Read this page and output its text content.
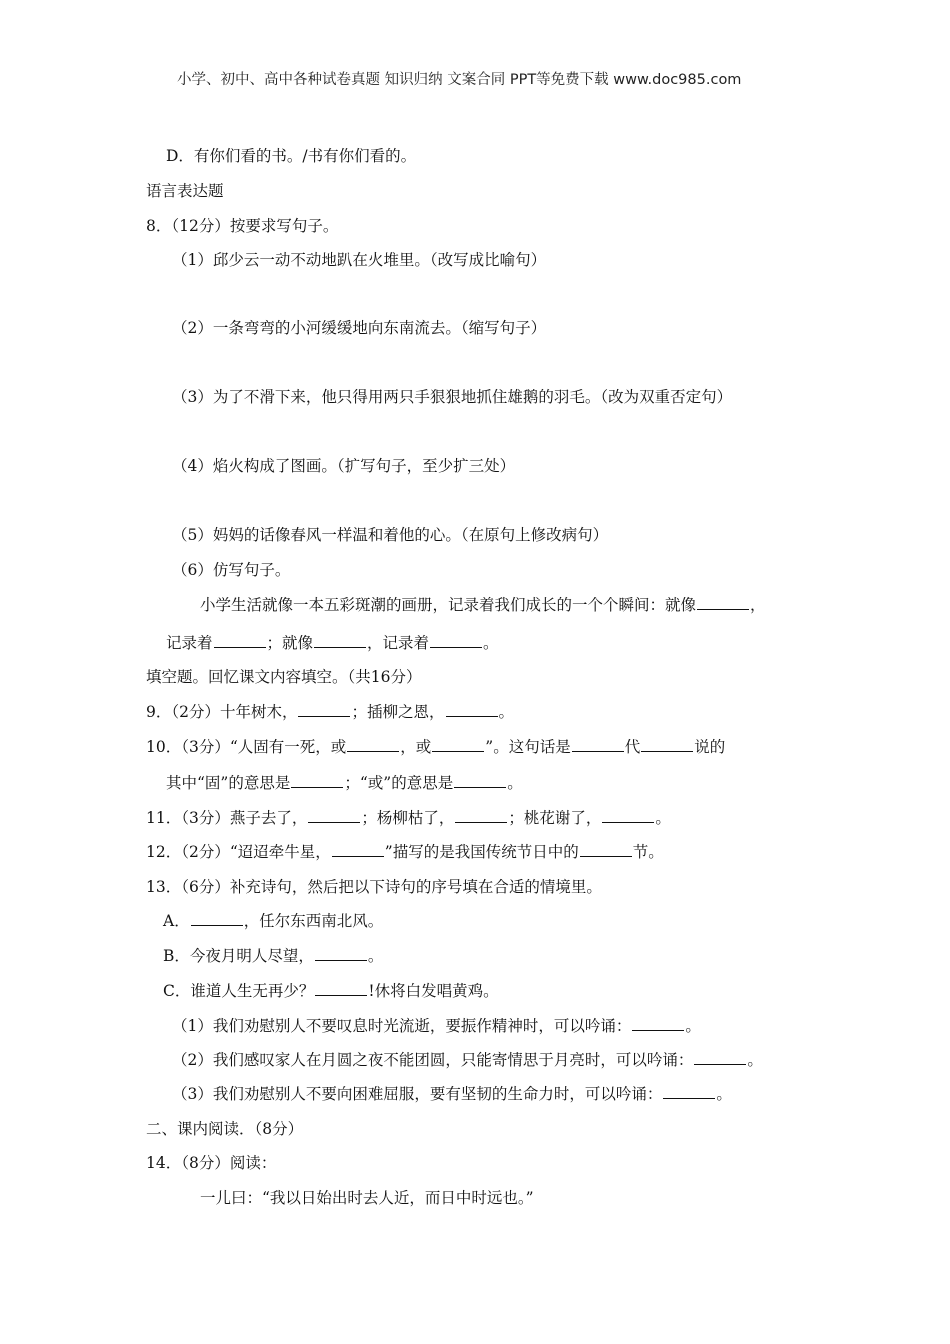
小学、初中、高中各种试卷真题 知识归纳 文案合同 PPT等免费下载 www.doc985.com
D．有你们看的书。/书有你们看的。
语言表达题
8．（12分）按要求写句子。
（1）邱少云一动不动地趴在火堆里。（改写成比喻句）
（2）一条弯弯的小河缓缓地向东南流去。（缩写句子）
（3）为了不滑下来，他只得用两只手狠狠地抓住雄鹅的羽毛。（改为双重否定句）
（4）焰火构成了图画。（扩写句子，至少扩三处）
（5）妈妈的话像春风一样温和着他的心。（在原句上修改病句）
（6）仿写句子。
小学生活就像一本五彩斑潮的画册，记录着我们成长的一个个瞬间：就像	，
记录着	；就像	，记录着	。
填空题。回忆课文内容填空。（共16分）
9．（2分）十年树木，	；插柳之恩，	。
10．（3分）“人固有一死，或	，或	”。这句话是	代	说的
其中“固”的意思是	；“或”的意思是	。
11．（3分）燕子去了，	；杨柳枯了，	；桃花谢了，	。
12．（2分）“迢迢牵牛星，	”描写的是我国传统节日中的	节。
13．（6分）补充诗句，然后把以下诗句的序号填在合适的情境里。
A．	，任尔东西南北风。
B．今夜月明人尽望，	。
C．谁道人生无再少？	!休将白发唱黄鸡。
（1）我们劝慰别人不要叹息时光流逝，要振作精神时，可以吟诵：	。
（2）我们感叹家人在月圆之夜不能团圆，只能寄情思于月亮时，可以吟诵：	。
（3）我们劝慰别人不要向困难屈服，要有坚韧的生命力时，可以吟诵：	。
二、课内阅读．（8分）
14．（8分）阅读：
一儿曰：“我以日始出时去人近，而日中时远也。”
